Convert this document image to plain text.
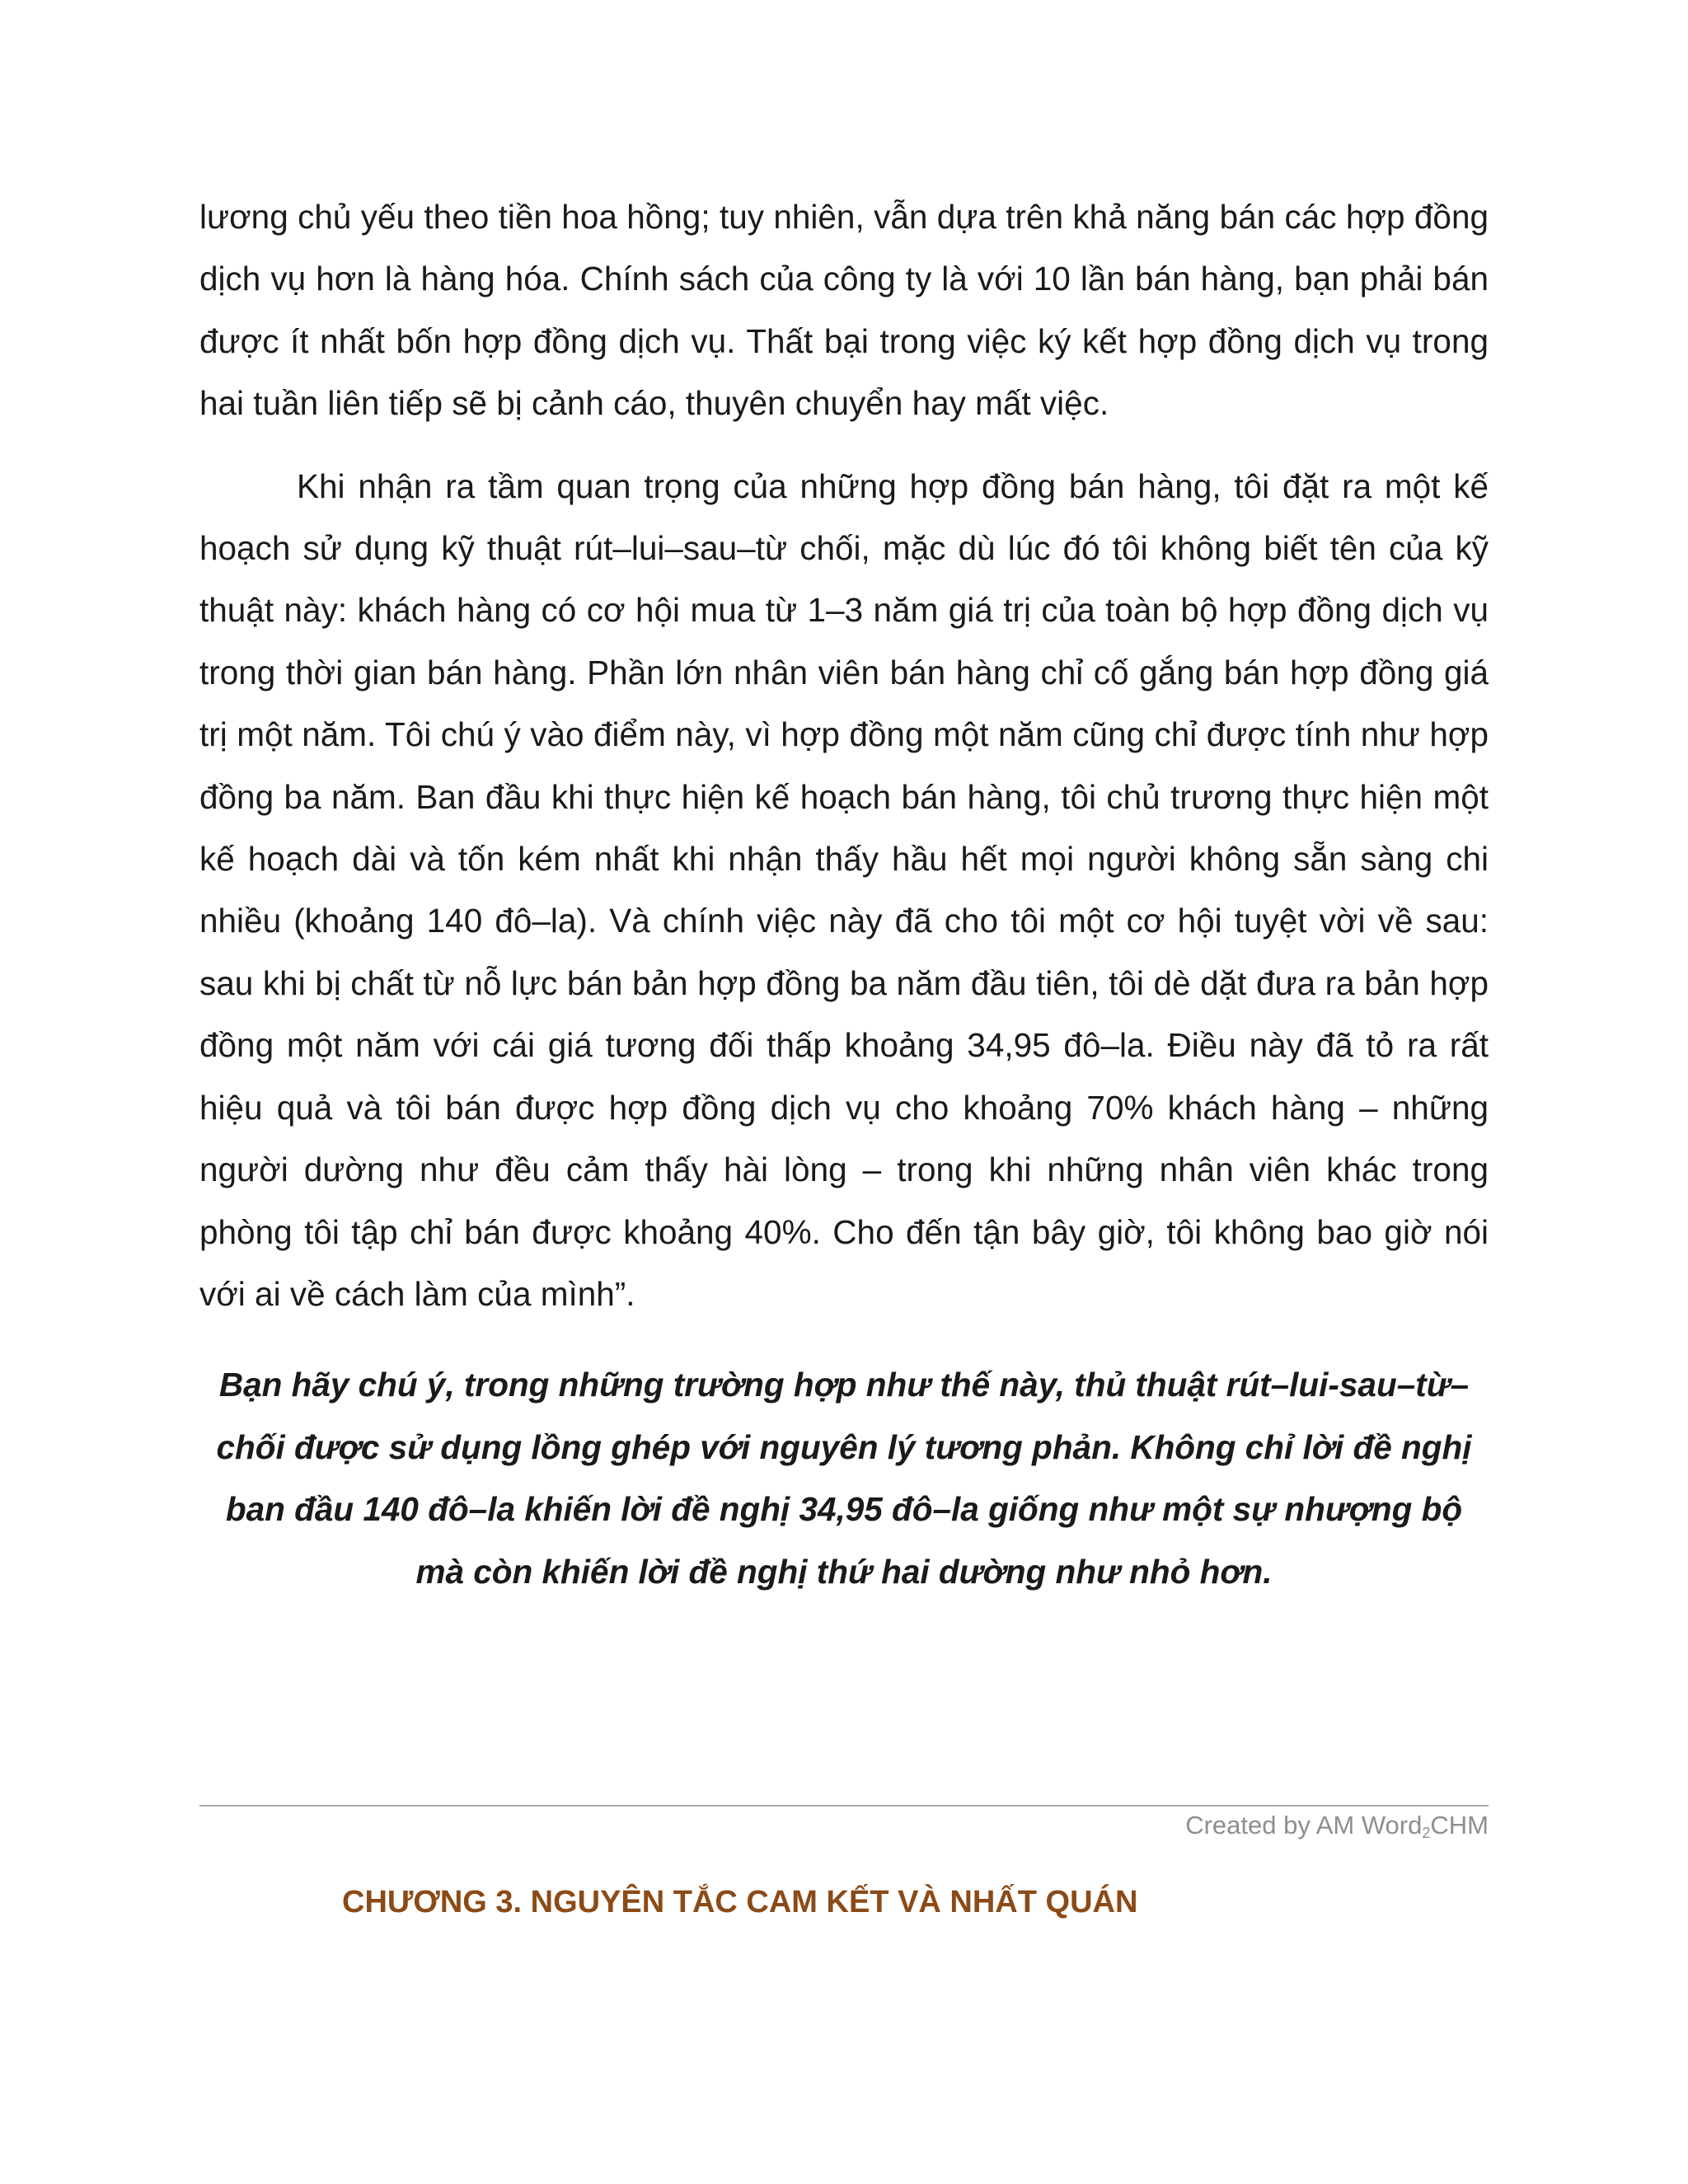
lương chủ yếu theo tiền hoa hồng; tuy nhiên, vẫn dựa trên khả năng bán các hợp đồng dịch vụ hơn là hàng hóa. Chính sách của công ty là với 10 lần bán hàng, bạn phải bán được ít nhất bốn hợp đồng dịch vụ. Thất bại trong việc ký kết hợp đồng dịch vụ trong hai tuần liên tiếp sẽ bị cảnh cáo, thuyên chuyển hay mất việc.

Khi nhận ra tầm quan trọng của những hợp đồng bán hàng, tôi đặt ra một kế hoạch sử dụng kỹ thuật rút–lui–sau–từ chối, mặc dù lúc đó tôi không biết tên của kỹ thuật này: khách hàng có cơ hội mua từ 1–3 năm giá trị của toàn bộ hợp đồng dịch vụ trong thời gian bán hàng. Phần lớn nhân viên bán hàng chỉ cố gắng bán hợp đồng giá trị một năm. Tôi chú ý vào điểm này, vì hợp đồng một năm cũng chỉ được tính như hợp đồng ba năm. Ban đầu khi thực hiện kế hoạch bán hàng, tôi chủ trương thực hiện một kế hoạch dài và tốn kém nhất khi nhận thấy hầu hết mọi người không sẵn sàng chi nhiều (khoảng 140 đô–la). Và chính việc này đã cho tôi một cơ hội tuyệt vời về sau: sau khi bị chất từ nỗ lực bán bản hợp đồng ba năm đầu tiên, tôi dè dặt đưa ra bản hợp đồng một năm với cái giá tương đối thấp khoảng 34,95 đô–la. Điều này đã tỏ ra rất hiệu quả và tôi bán được hợp đồng dịch vụ cho khoảng 70% khách hàng – những người dường như đều cảm thấy hài lòng – trong khi những nhân viên khác trong phòng tôi tập chỉ bán được khoảng 40%. Cho đến tận bây giờ, tôi không bao giờ nói với ai về cách làm của mình”.

Bạn hãy chú ý, trong những trường hợp như thế này, thủ thuật rút–lui-sau–từ–chối được sử dụng lồng ghép với nguyên lý tương phản. Không chỉ lời đề nghị ban đầu 140 đô–la khiến lời đề nghị 34,95 đô–la giống như một sự nhượng bộ mà còn khiến lời đề nghị thứ hai dường như nhỏ hơn.

Created by AM Word$_2$CHM
CHƯƠNG 3. NGUYÊN TẮC CAM KẾT VÀ NHẤT QUÁN
